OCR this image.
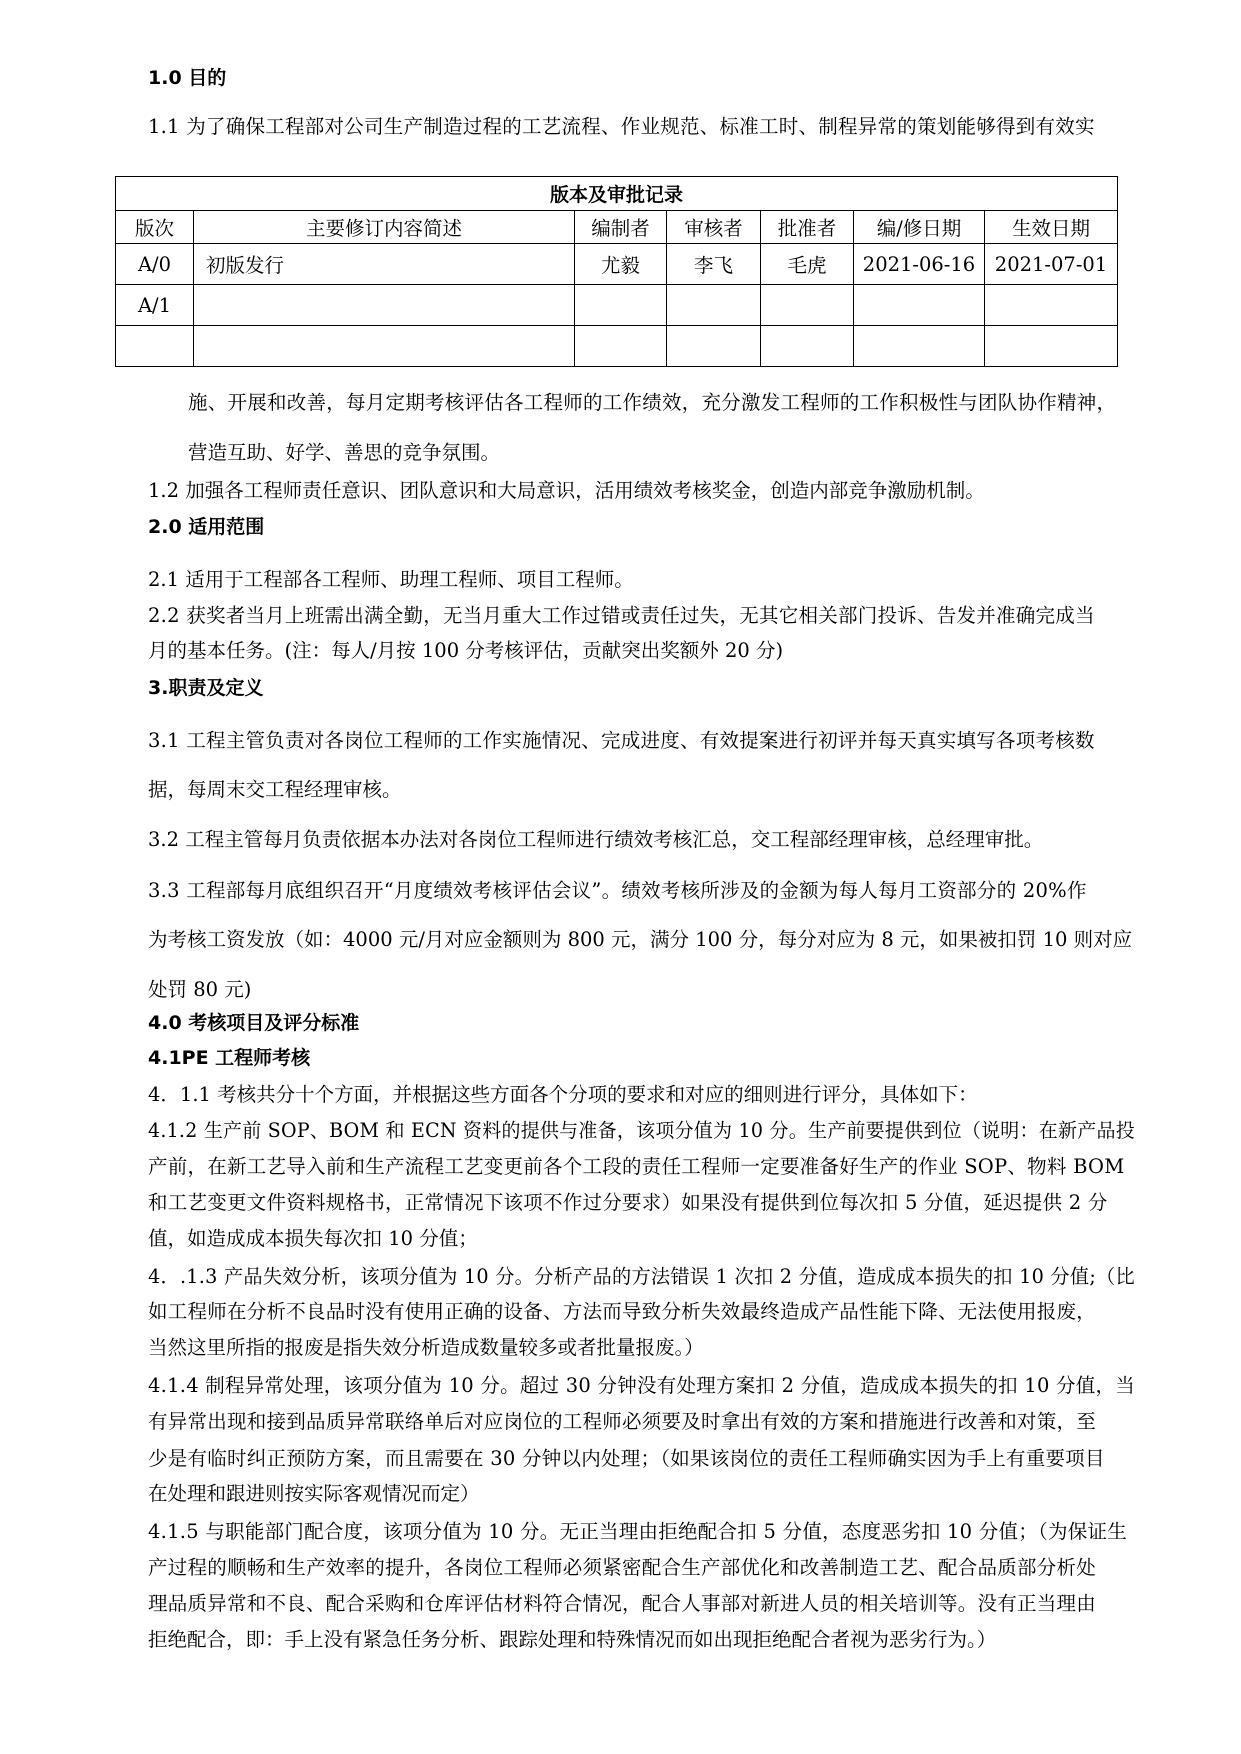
1.0 目的
1.1 为了确保工程部对公司生产制造过程的工艺流程、作业规范、标准工时、制程异常的策划能够得到有效实
版本及审批记录						
版次	主要修订内容简述	编制者	审核者	批准者	编/修日期	生效日期
A/0	初版发行	尤毅	李飞	毛虎	2021-06-16	2021-07-01
A/1						

施、开展和改善，每月定期考核评估各工程师的工作绩效，充分激发工程师的工作积极性与团队协作精神，
营造互助、好学、善思的竞争氛围。
1.2 加强各工程师责任意识、团队意识和大局意识，活用绩效考核奖金，创造内部竞争激励机制。
2.0 适用范围
2.1 适用于工程部各工程师、助理工程师、项目工程师。
2.2 获奖者当月上班需出满全勤，无当月重大工作过错或责任过失，无其它相关部门投诉、告发并准确完成当
月的基本任务。(注：每人/月按 100 分考核评估，贡献突出奖额外 20 分)
3.职责及定义
3.1 工程主管负责对各岗位工程师的工作实施情况、完成进度、有效提案进行初评并每天真实填写各项考核数
据，每周末交工程经理审核。
3.2 工程主管每月负责依据本办法对各岗位工程师进行绩效考核汇总，交工程部经理审核，总经理审批。
3.3 工程部每月底组织召开“月度绩效考核评估会议”。绩效考核所涉及的金额为每人每月工资部分的 20%作
为考核工资发放（如：4000 元/月对应金额则为 800 元，满分 100 分，每分对应为 8 元，如果被扣罚 10 则对应
处罚 80 元)
4.0 考核项目及评分标准
4.1PE 工程师考核
4．1.1 考核共分十个方面，并根据这些方面各个分项的要求和对应的细则进行评分，具体如下：
4.1.2 生产前 SOP、BOM 和 ECN 资料的提供与准备，该项分值为 10 分。生产前要提供到位（说明：在新产品投
产前，在新工艺导入前和生产流程工艺变更前各个工段的责任工程师一定要准备好生产的作业 SOP、物料 BOM
和工艺变更文件资料规格书，正常情况下该项不作过分要求）如果没有提供到位每次扣 5 分值，延迟提供 2 分
值，如造成成本损失每次扣 10 分值；
4．.1.3 产品失效分析，该项分值为 10 分。分析产品的方法错误 1 次扣 2 分值，造成成本损失的扣 10 分值;（比
如工程师在分析不良品时没有使用正确的设备、方法而导致分析失效最终造成产品性能下降、无法使用报废，
当然这里所指的报废是指失效分析造成数量较多或者批量报废。）
4.1.4 制程异常处理，该项分值为 10 分。超过 30 分钟没有处理方案扣 2 分值，造成成本损失的扣 10 分值，当
有异常出现和接到品质异常联络单后对应岗位的工程师必须要及时拿出有效的方案和措施进行改善和对策，至
少是有临时纠正预防方案，而且需要在 30 分钟以内处理；（如果该岗位的责任工程师确实因为手上有重要项目
在处理和跟进则按实际客观情况而定）
4.1.5 与职能部门配合度，该项分值为 10 分。无正当理由拒绝配合扣 5 分值，态度恶劣扣 10 分值；（为保证生
产过程的顺畅和生产效率的提升，各岗位工程师必须紧密配合生产部优化和改善制造工艺、配合品质部分析处
理品质异常和不良、配合采购和仓库评估材料符合情况，配合人事部对新进人员的相关培训等。没有正当理由
拒绝配合，即：手上没有紧急任务分析、跟踪处理和特殊情况而如出现拒绝配合者视为恶劣行为。）
